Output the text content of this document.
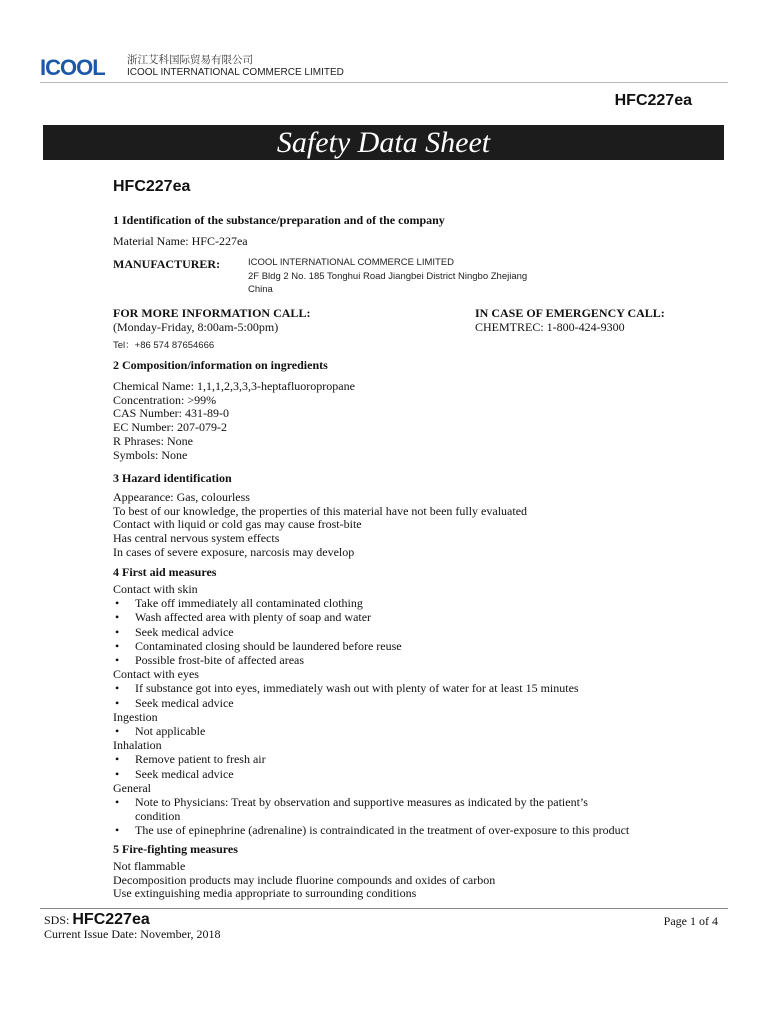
ICOOL 浙江艾科国际贸易有限公司
ICOOL INTERNATIONAL COMMERCE LIMITED
HFC227ea
Safety Data Sheet
HFC227ea
1 Identification of the substance/preparation and of the company
Material Name: HFC-227ea
MANUFACTURER:	ICOOL INTERNATIONAL COMMERCE LIMITED
2F Bldg 2 No. 185 Tonghui Road Jiangbei District Ningbo Zhejiang
China
FOR MORE INFORMATION CALL:
(Monday-Friday, 8:00am-5:00pm)
Tel：+86 574 87654666
IN CASE OF EMERGENCY CALL:
CHEMTREC: 1-800-424-9300
2 Composition/information on ingredients
Chemical Name: 1,1,1,2,3,3,3-heptafluoropropane
Concentration: >99%
CAS Number: 431-89-0
EC Number: 207-079-2
R Phrases: None
Symbols: None
3 Hazard identification
Appearance: Gas, colourless
To best of our knowledge, the properties of this material have not been fully evaluated
Contact with liquid or cold gas may cause frost-bite
Has central nervous system effects
In cases of severe exposure, narcosis may develop
4 First aid measures
Contact with skin
• Take off immediately all contaminated clothing
• Wash affected area with plenty of soap and water
• Seek medical advice
• Contaminated closing should be laundered before reuse
• Possible frost-bite of affected areas
Contact with eyes
• If substance got into eyes, immediately wash out with plenty of water for at least 15 minutes
• Seek medical advice
Ingestion
• Not applicable
Inhalation
• Remove patient to fresh air
• Seek medical advice
General
• Note to Physicians: Treat by observation and supportive measures as indicated by the patient’s condition
• The use of epinephrine (adrenaline) is contraindicated in the treatment of over-exposure to this product
5 Fire-fighting measures
Not flammable
Decomposition products may include fluorine compounds and oxides of carbon
Use extinguishing media appropriate to surrounding conditions
SDS: HFC227ea	Page 1 of 4
Current Issue Date: November, 2018
